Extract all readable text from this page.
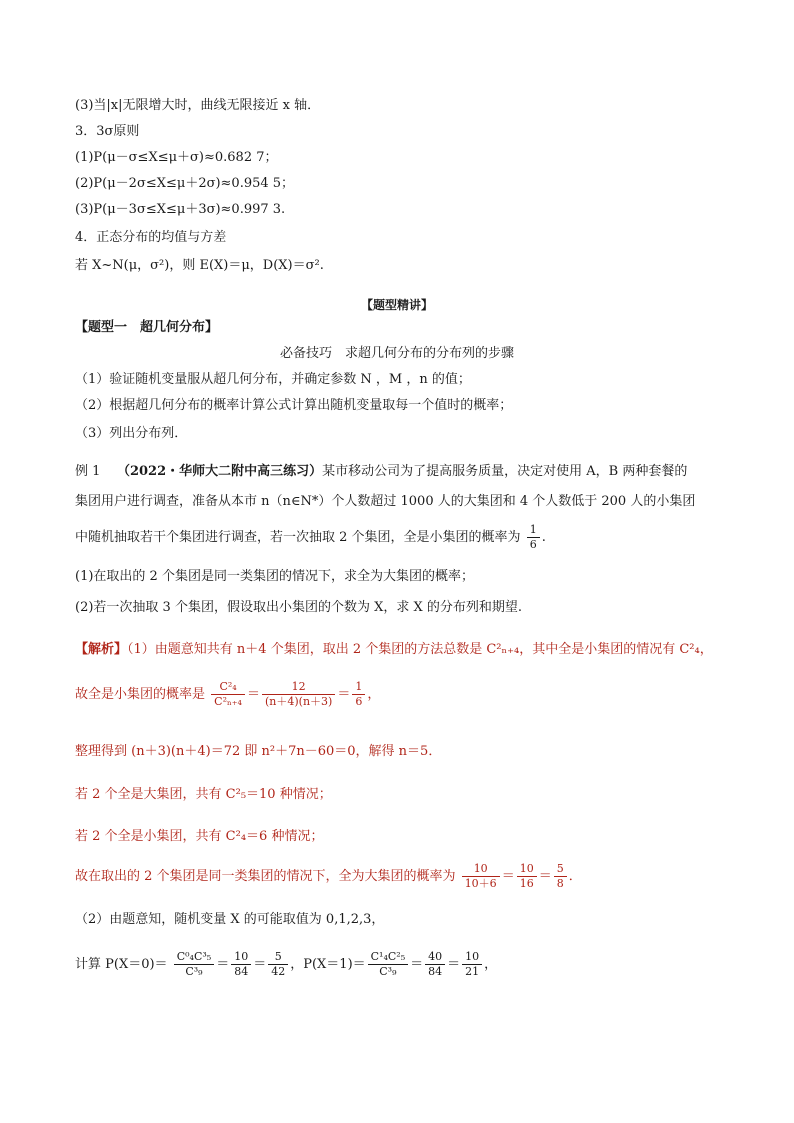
(3)当|x|无限增大时，曲线无限接近 x 轴．
3．3σ原则
(1)P(μ－σ≤X≤μ＋σ)≈0.682 7；
(2)P(μ－2σ≤X≤μ＋2σ)≈0.954 5；
(3)P(μ－3σ≤X≤μ＋3σ)≈0.997 3.
4．正态分布的均值与方差
若 X~N(μ，σ²)，则 E(X)＝μ，D(X)＝σ².
【题型精讲】
【题型一　超几何分布】
必备技巧　求超几何分布的分布列的步骤
（1）验证随机变量服从超几何分布，并确定参数 N ，M ，n 的值；
（2）根据超几何分布的概率计算公式计算出随机变量取每一个值时的概率；
（3）列出分布列．
例 1 （2022・华师大二附中高三练习）某市移动公司为了提高服务质量，决定对使用 A，B 两种套餐的
集团用户进行调查，准备从本市 n（n∈N*）个人数超过 1000 人的大集团和 4 个人数低于 200 人的小集团
中随机抽取若干个集团进行调查，若一次抽取 2 个集团，全是小集团的概率为 $\frac{1}{6}$ .
(1)在取出的 2 个集团是同一类集团的情况下，求全为大集团的概率；
(2)若一次抽取 3 个集团，假设取出小集团的个数为 X，求 X 的分布列和期望.
【解析】（1）由题意知共有 n＋4 个集团，取出 2 个集团的方法总数是 C²ₙ₊₄，其中全是小集团的情况有 C²₄，
故全是小集团的概率是 $\frac{\text{C²₄}}{\text{C²ₙ₊₄}} = \frac{12}{(n+4)(n+3)} = \frac{1}{6}$ ，
整理得到 (n＋3)(n＋4)＝72 即 n²＋7n－60＝0，解得 n＝5．
若 2 个全是大集团，共有 C²₅＝10 种情况；
若 2 个全是小集团，共有 C²₄＝6 种情况；
故在取出的 2 个集团是同一类集团的情况下，全为大集团的概率为 $\frac{10}{10+6} = \frac{10}{16} = \frac{5}{8}$ ．
（2）由题意知，随机变量 X 的可能取值为 0,1,2,3，
计算 $P(X=0)= \frac{\text{C⁰₄C³₅}}{\text{C³₉}} = \frac{10}{84} = \frac{5}{42}$ ，$P(X=1)= \frac{\text{C¹₄C²₅}}{\text{C³₉}} = \frac{40}{84} = \frac{10}{21}$ ，
